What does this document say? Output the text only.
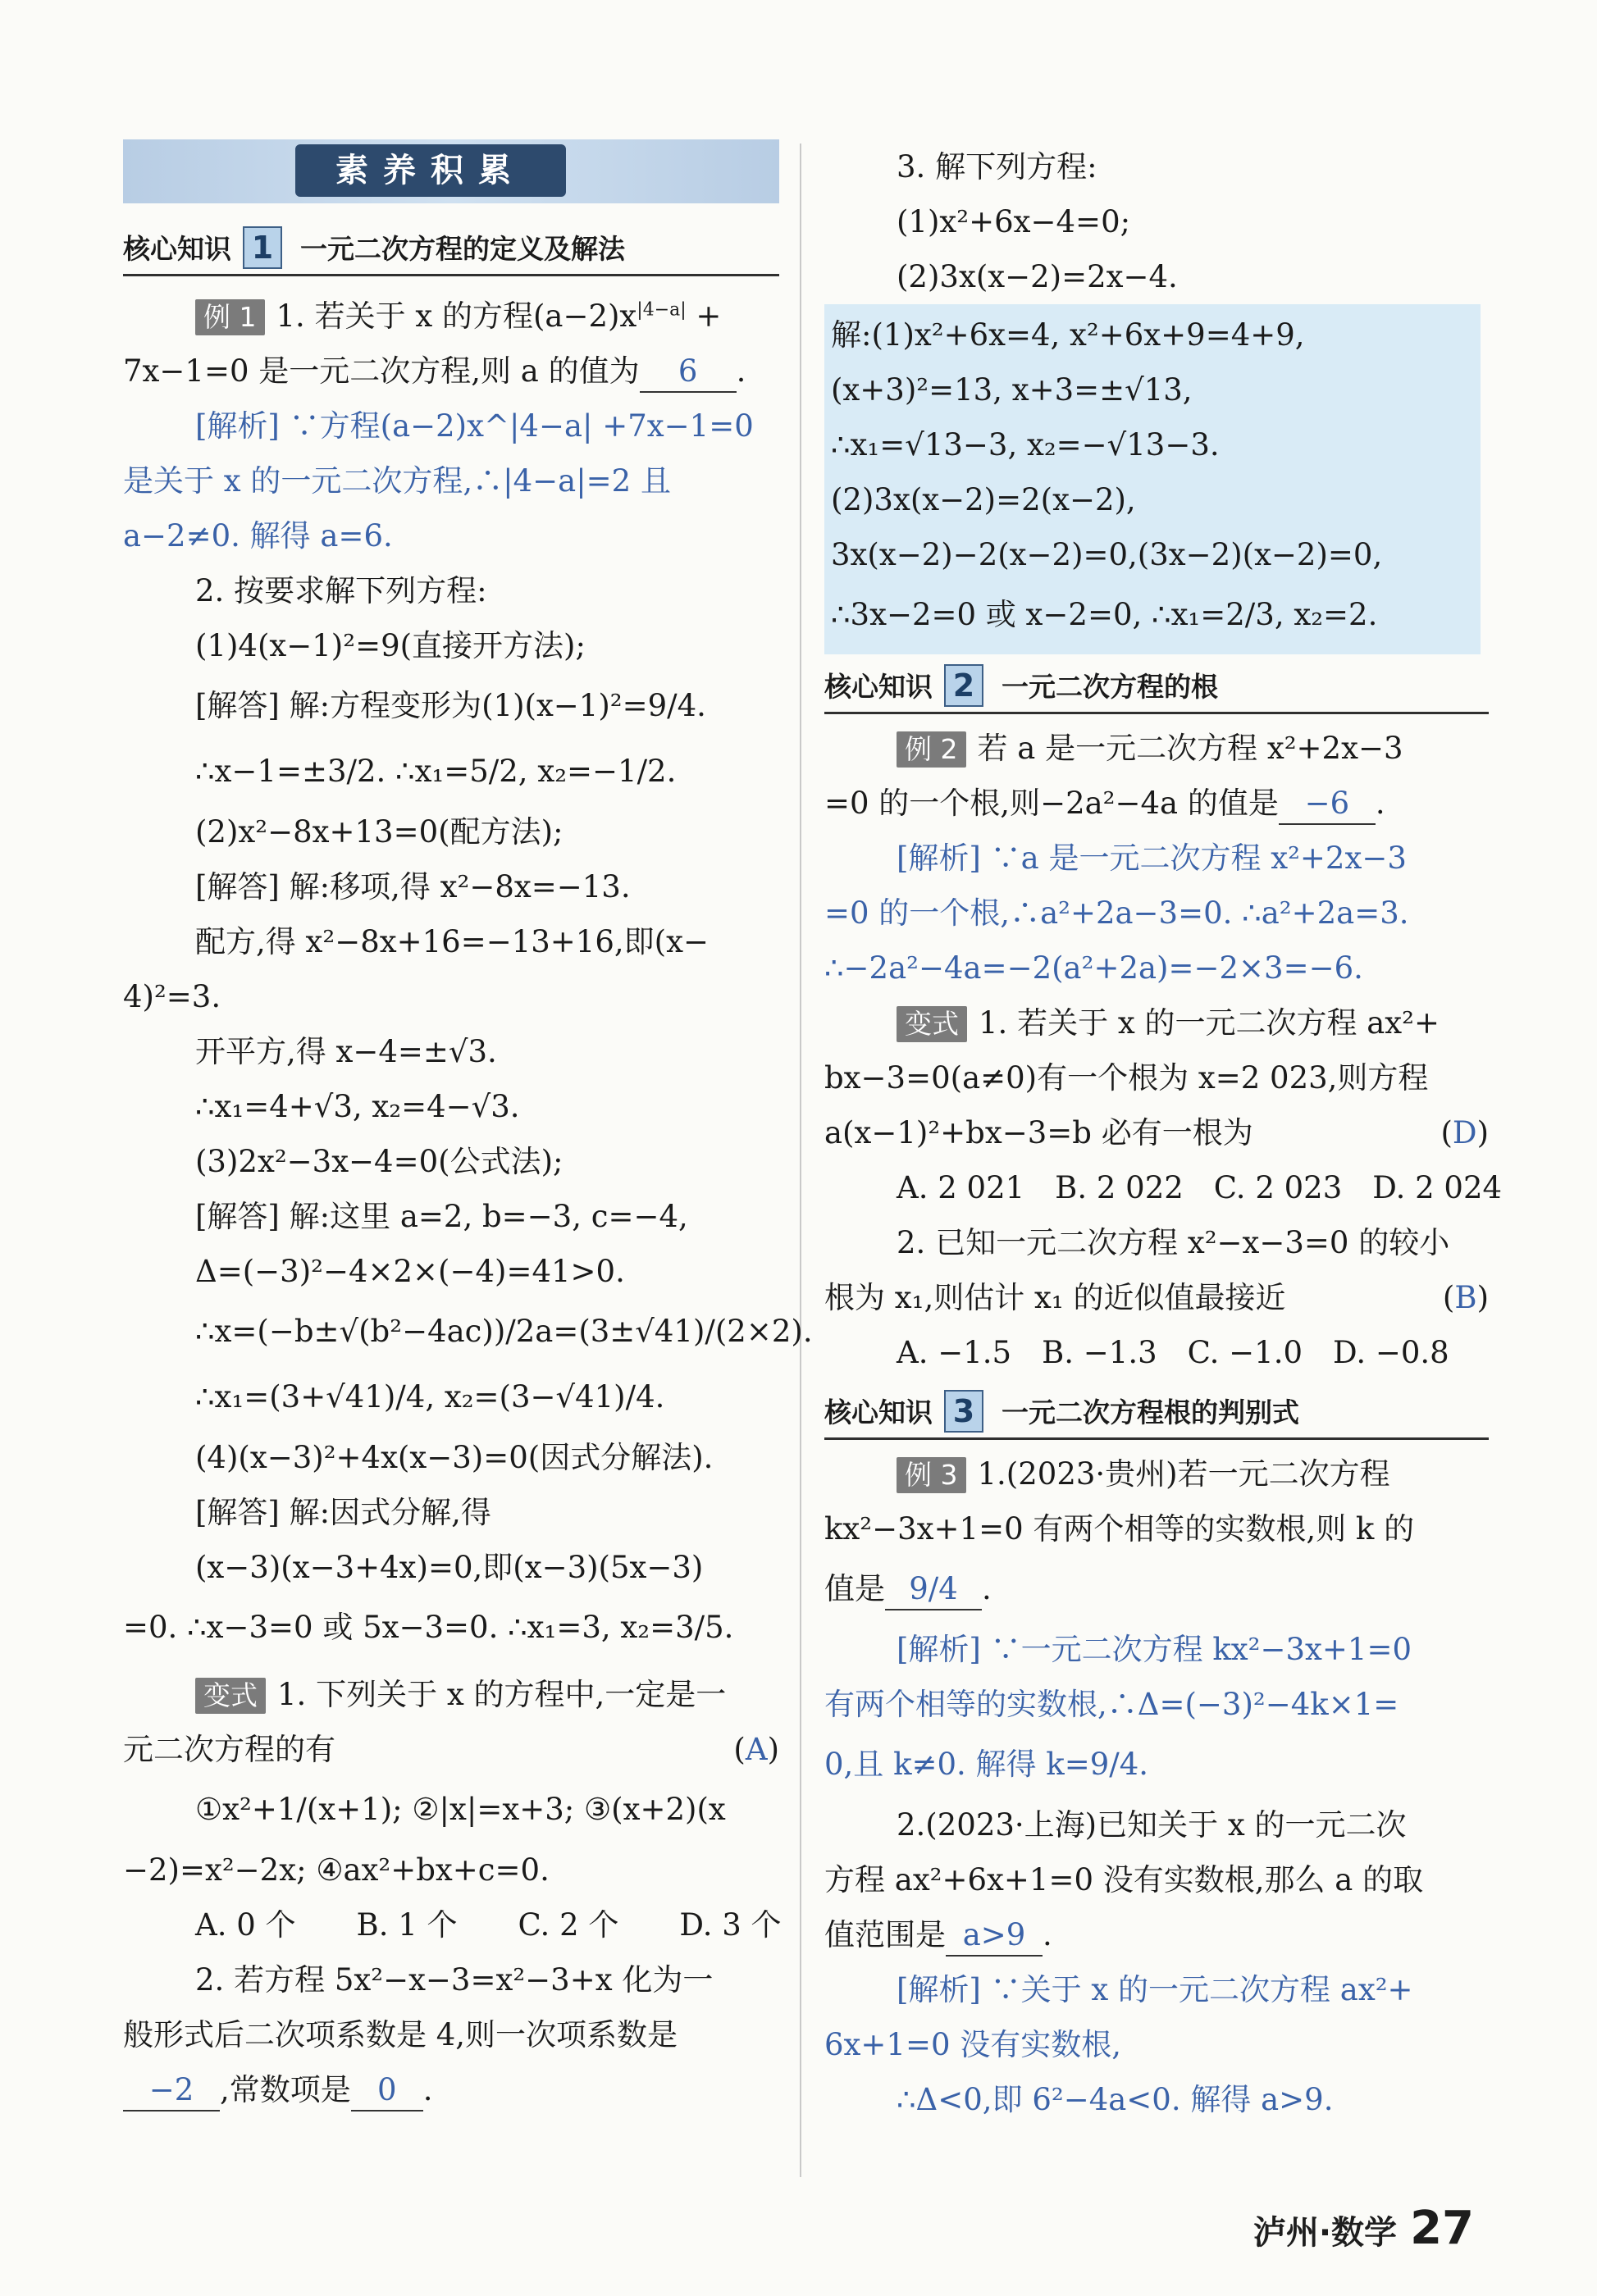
素养积累
核心知识 1 一元二次方程的定义及解法
例 1 1. 若关于 x 的方程$(a-2)x^{|4-a|}$ +
7x−1=0 是一元二次方程,则 a 的值为 6 .
[解析] ∵方程(a−2)x^|4−a| +7x−1=0
是关于 x 的一元二次方程,∴|4−a|=2 且
a−2≠0. 解得 a=6.
2. 按要求解下列方程:
(1)4(x−1)²=9(直接开方法);
[解答] 解:方程变形为(1)(x−1)²=9/4.
∴x−1=±3/2. ∴x₁=5/2, x₂=−1/2.
(2)x²−8x+13=0(配方法);
[解答] 解:移项,得 x²−8x=−13.
配方,得 x²−8x+16=−13+16,即(x−
4)²=3.
开平方,得 x−4=±√3.
∴x₁=4+√3, x₂=4−√3.
(3)2x²−3x−4=0(公式法);
[解答] 解:这里 a=2, b=−3, c=−4,
Δ=(−3)²−4×2×(−4)=41>0.
∴x=(−b±√(b²−4ac))/2a=(3±√41)/(2×2).
∴x₁=(3+√41)/4, x₂=(3−√41)/4.
(4)(x−3)²+4x(x−3)=0(因式分解法).
[解答] 解:因式分解,得
(x−3)(x−3+4x)=0,即(x−3)(5x−3)
=0. ∴x−3=0 或 5x−3=0. ∴x₁=3, x₂=3/5.
变式 1. 下列关于 x 的方程中,一定是一
元二次方程的有	(A)
①x²+1/(x+1); ②|x|=x+3; ③(x+2)(x
−2)=x²−2x; ④ax²+bx+c=0.
A. 0 个　　B. 1 个　　C. 2 个　　D. 3 个
2. 若方程 5x²−x−3=x²−3+x 化为一
般形式后二次项系数是 4,则一次项系数是
−2 ,常数项是 0 .
3. 解下列方程:
(1)x²+6x−4=0;
(2)3x(x−2)=2x−4.
解:(1)x²+6x=4, x²+6x+9=4+9,
(x+3)²=13, x+3=±√13,
∴x₁=√13−3, x₂=−√13−3.
(2)3x(x−2)=2(x−2),
3x(x−2)−2(x−2)=0,(3x−2)(x−2)=0,
∴3x−2=0 或 x−2=0, ∴x₁=2/3, x₂=2.
核心知识 2 一元二次方程的根
例 2 若 a 是一元二次方程 x²+2x−3
=0 的一个根,则−2a²−4a 的值是 −6 .
[解析] ∵a 是一元二次方程 x²+2x−3
=0 的一个根,∴a²+2a−3=0. ∴a²+2a=3.
∴−2a²−4a=−2(a²+2a)=−2×3=−6.
变式 1. 若关于 x 的一元二次方程 ax²+
bx−3=0(a≠0)有一个根为 x=2 023,则方程
a(x−1)²+bx−3=b 必有一根为	(D)
A. 2 021　B. 2 022　C. 2 023　D. 2 024
2. 已知一元二次方程 x²−x−3=0 的较小
根为 x₁,则估计 x₁ 的近似值最接近	(B)
A. −1.5　B. −1.3　C. −1.0　D. −0.8
核心知识 3 一元二次方程根的判别式
例 3 1.(2023·贵州)若一元二次方程
kx²−3x+1=0 有两个相等的实数根,则 k 的
值是 9/4 .
[解析] ∵一元二次方程 kx²−3x+1=0
有两个相等的实数根,∴Δ=(−3)²−4k×1=
0,且 k≠0. 解得 k=9/4.
2.(2023·上海)已知关于 x 的一元二次
方程 ax²+6x+1=0 没有实数根,那么 a 的取
值范围是 a>9 .
[解析] ∵关于 x 的一元二次方程 ax²+
6x+1=0 没有实数根,
∴Δ<0,即 6²−4a<0. 解得 a>9.
泸州·数学 27
